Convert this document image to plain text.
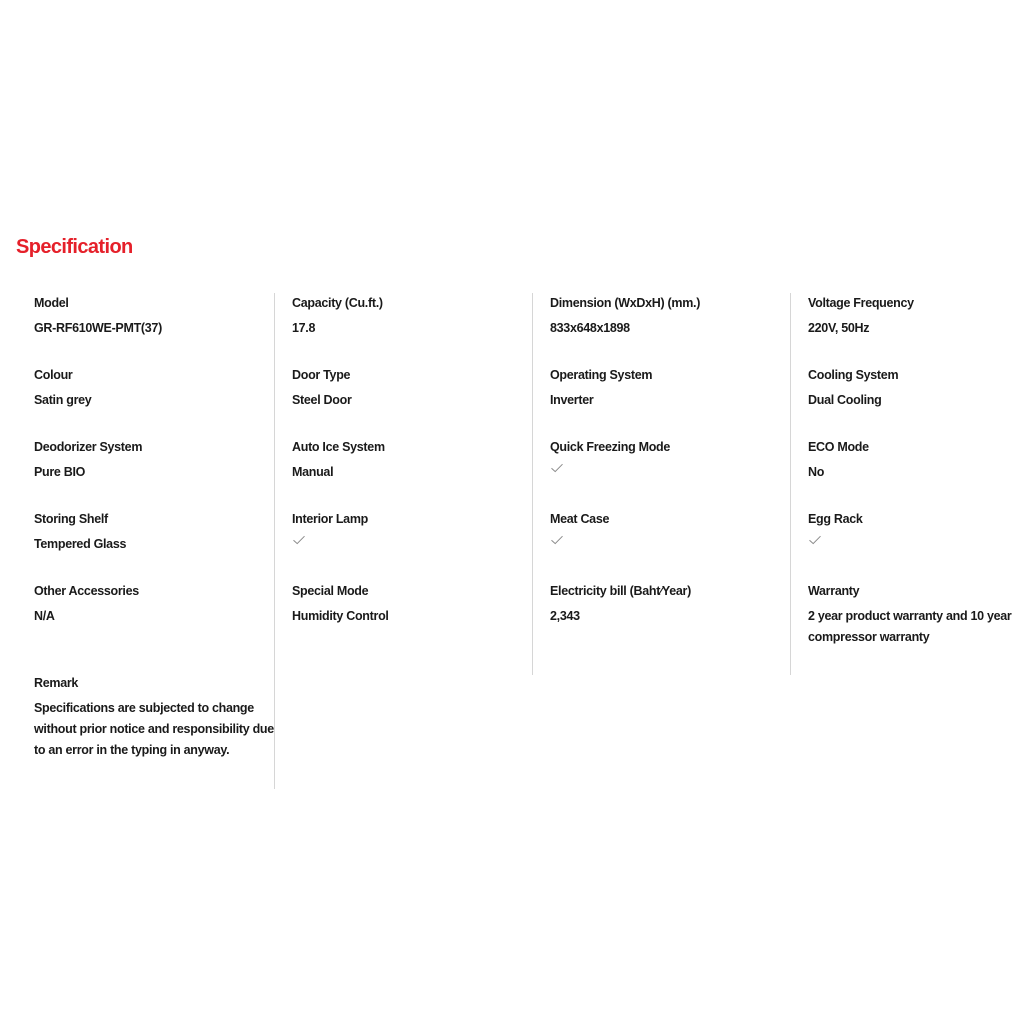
Specification
Model
GR-RF610WE-PMT(37)
Colour
Satin grey
Deodorizer System
Pure BIO
Storing Shelf
Tempered Glass
Other Accessories
N/A
Remark
Specifications are subjected to change without prior notice and responsibility due to an error in the typing in anyway.
Capacity (Cu.ft.)
17.8
Door Type
Steel Door
Auto Ice System
Manual
Interior Lamp
Special Mode
Humidity Control
Dimension (WxDxH) (mm.)
833x648x1898
Operating System
Inverter
Quick Freezing Mode
Meat Case
Electricity bill (Baht∕Year)
2,343
Voltage Frequency
220V, 50Hz
Cooling System
Dual Cooling
ECO Mode
No
Egg Rack
Warranty
2 year product warranty and 10 year compressor warranty
